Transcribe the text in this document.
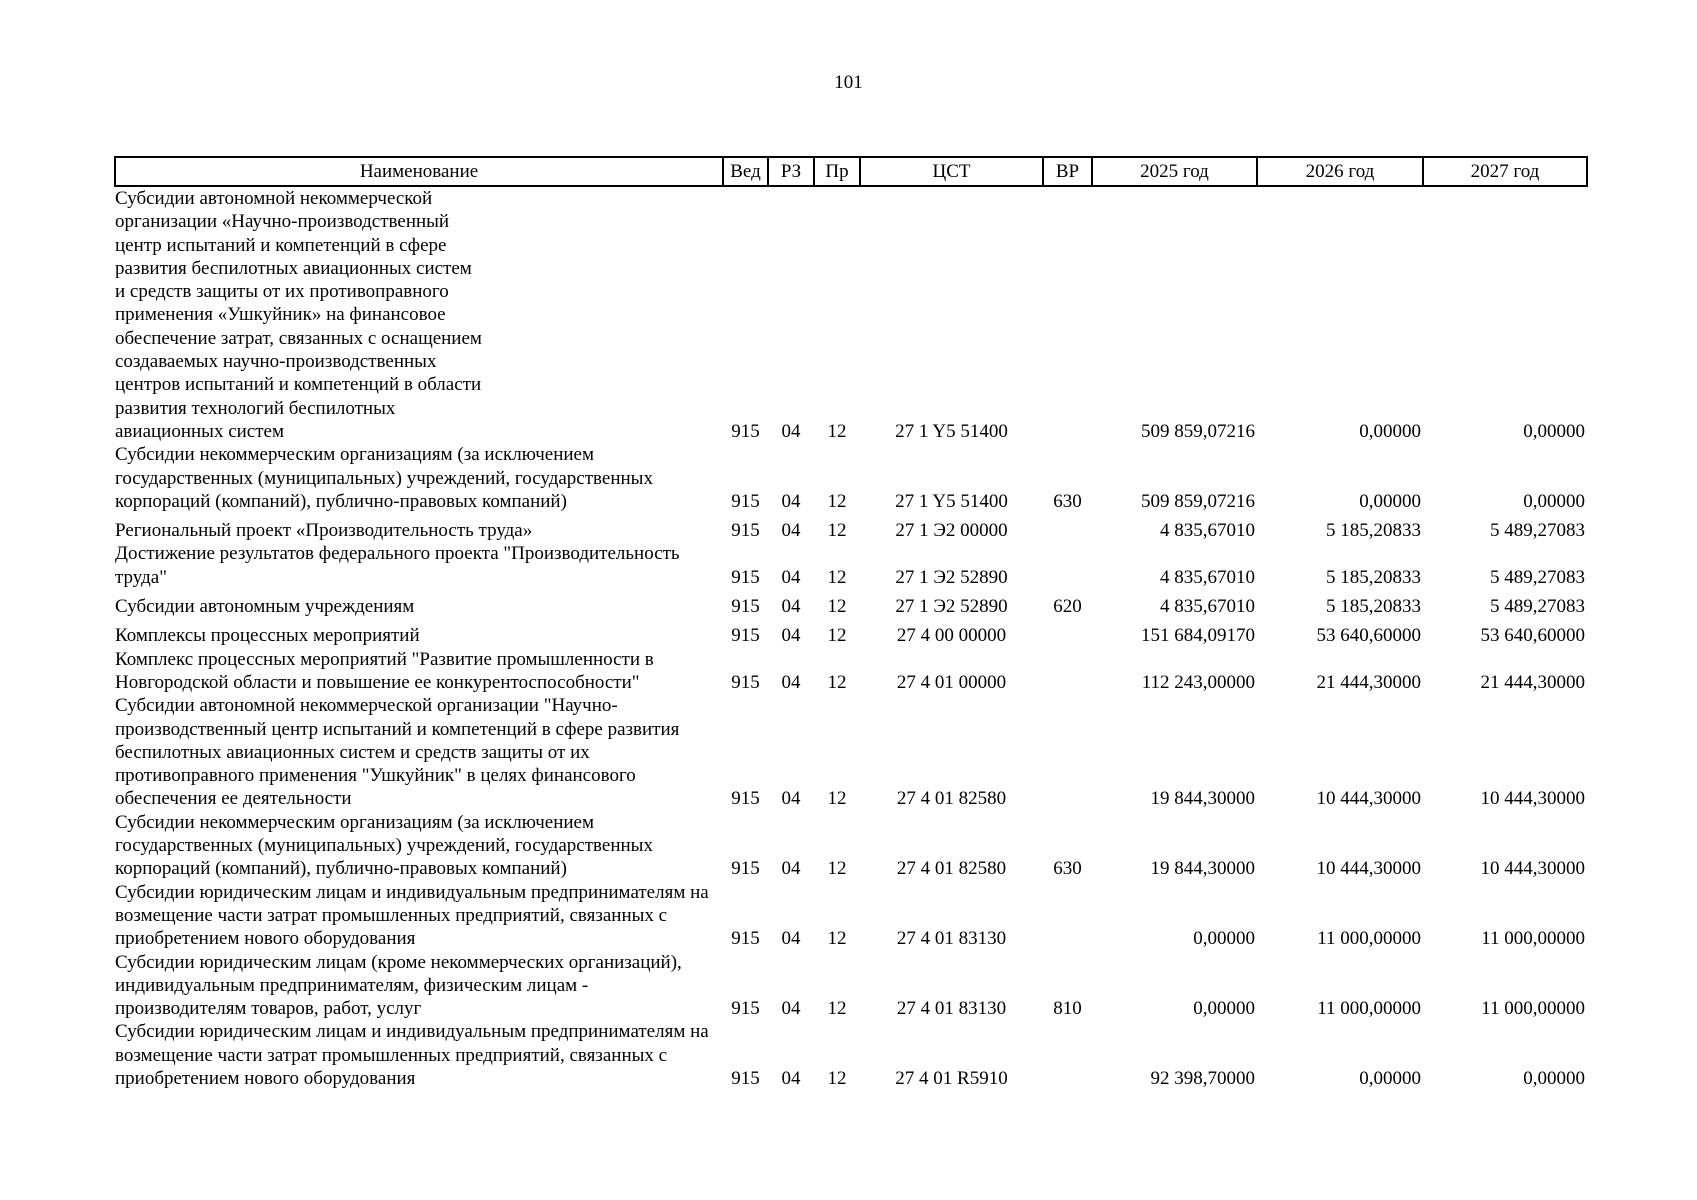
101
Наименование	Вед	РЗ	Пр	ЦСТ	ВР	2025 год	2026 год	2027 год
Субсидии автономной некоммерческой организации «Научно-производственный центр испытаний и компетенций в сфере развития беспилотных авиационных систем и средств защиты от их противоправного применения «Ушкуйник» на финансовое обеспечение затрат, связанных с оснащением создаваемых научно-производственных центров испытаний и компетенций в области развития технологий беспилотных авиационных систем	915	04	12	27 1 Y5 51400		509 859,07216	0,00000	0,00000
Субсидии некоммерческим организациям (за исключением государственных (муниципальных) учреждений, государственных корпораций (компаний), публично-правовых компаний)	915	04	12	27 1 Y5 51400	630	509 859,07216	0,00000	0,00000
Региональный проект «Производительность труда»	915	04	12	27 1 Э2 00000		4 835,67010	5 185,20833	5 489,27083
Достижение результатов федерального проекта "Производительность труда"	915	04	12	27 1 Э2 52890		4 835,67010	5 185,20833	5 489,27083
Субсидии автономным учреждениям	915	04	12	27 1 Э2 52890	620	4 835,67010	5 185,20833	5 489,27083
Комплексы процессных мероприятий	915	04	12	27 4 00 00000		151 684,09170	53 640,60000	53 640,60000
Комплекс процессных мероприятий "Развитие промышленности в Новгородской области и повышение ее конкурентоспособности"	915	04	12	27 4 01 00000		112 243,00000	21 444,30000	21 444,30000
Субсидии автономной некоммерческой организации "Научно-производственный центр испытаний и компетенций в сфере развития беспилотных авиационных систем и средств защиты от их противоправного применения "Ушкуйник" в целях финансового обеспечения ее деятельности	915	04	12	27 4 01 82580		19 844,30000	10 444,30000	10 444,30000
Субсидии некоммерческим организациям (за исключением государственных (муниципальных) учреждений, государственных корпораций (компаний), публично-правовых компаний)	915	04	12	27 4 01 82580	630	19 844,30000	10 444,30000	10 444,30000
Субсидии юридическим лицам и индивидуальным предпринимателям на возмещение части затрат промышленных предприятий, связанных с приобретением нового оборудования	915	04	12	27 4 01 83130		0,00000	11 000,00000	11 000,00000
Субсидии юридическим лицам (кроме некоммерческих организаций), индивидуальным предпринимателям, физическим лицам - производителям товаров, работ, услуг	915	04	12	27 4 01 83130	810	0,00000	11 000,00000	11 000,00000
Субсидии юридическим лицам и индивидуальным предпринимателям на возмещение части затрат промышленных предприятий, связанных с приобретением нового оборудования	915	04	12	27 4 01 R5910		92 398,70000	0,00000	0,00000
